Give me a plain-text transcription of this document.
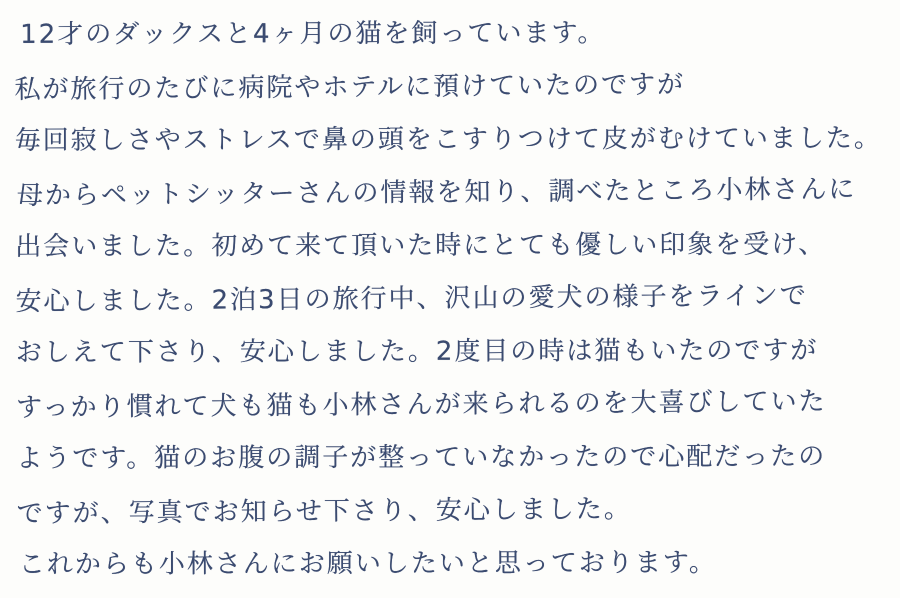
12才のダックスと4ヶ月の猫を飼っています。
私が旅行のたびに病院やホテルに預けていたのですが
毎回寂しさやストレスで鼻の頭をこすりつけて皮がむけていました。
母からペットシッターさんの情報を知り、調べたところ小林さんに
出会いました。初めて来て頂いた時にとても優しい印象を受け、
安心しました。2泊3日の旅行中、沢山の愛犬の様子をラインで
おしえて下さり、安心しました。2度目の時は猫もいたのですが
すっかり慣れて犬も猫も小林さんが来られるのを大喜びしていた
ようです。猫のお腹の調子が整っていなかったので心配だったの
ですが、写真でお知らせ下さり、安心しました。
これからも小林さんにお願いしたいと思っております。
